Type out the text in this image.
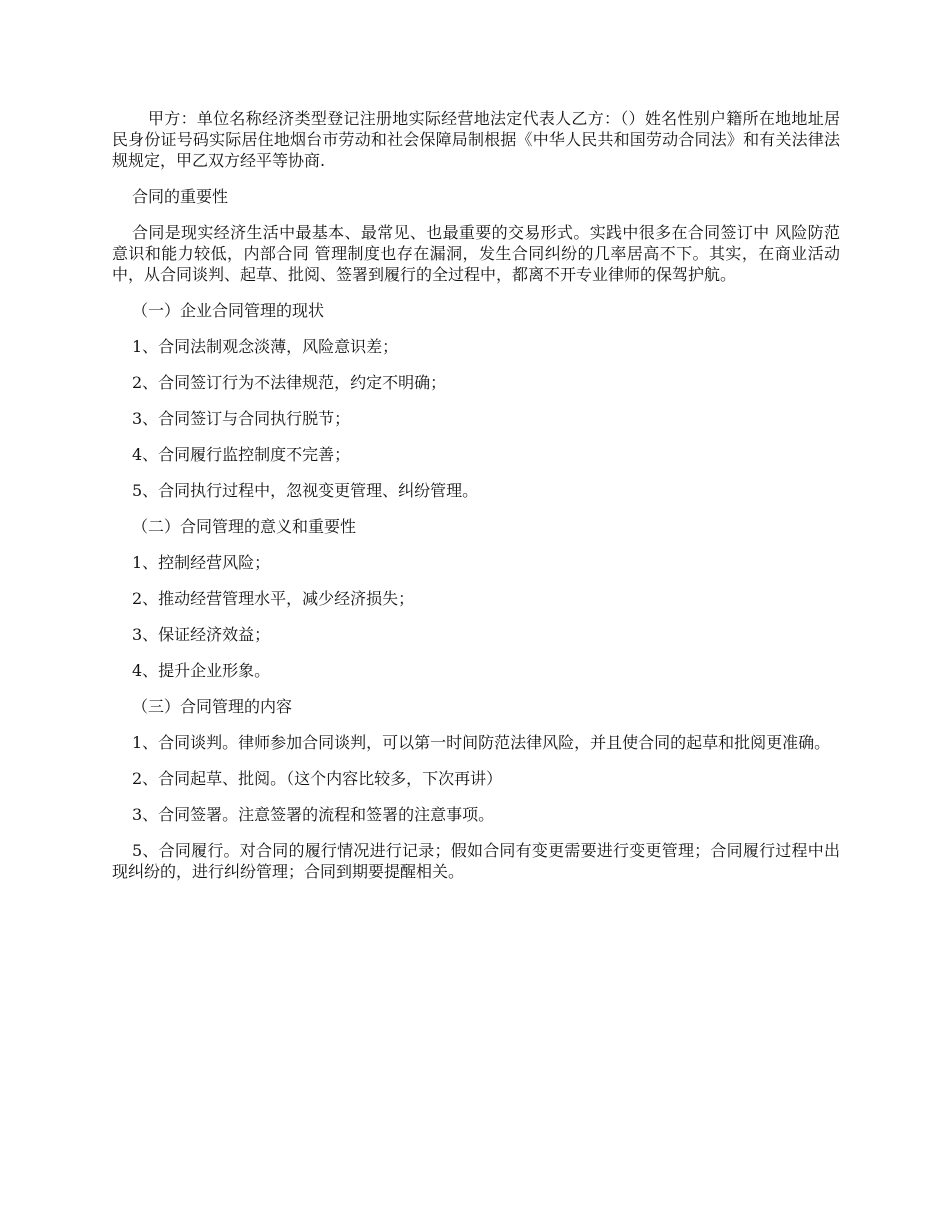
甲方：单位名称经济类型登记注册地实际经营地法定代表人乙方：（）姓名性别户籍所在地地址居民身份证号码实际居住地烟台市劳动和社会保障局制根据《中华人民共和国劳动合同法》和有关法律法规规定，甲乙双方经平等协商.

合同的重要性

合同是现实经济生活中最基本、最常见、也最重要的交易形式。实践中很多在合同签订中 风险防范意识和能力较低，内部合同 管理制度也存在漏洞，发生合同纠纷的几率居高不下。其实，在商业活动中，从合同谈判、起草、批阅、签署到履行的全过程中，都离不开专业律师的保驾护航。

（一）企业合同管理的现状

1、合同法制观念淡薄，风险意识差；

2、合同签订行为不法律规范，约定不明确；

3、合同签订与合同执行脱节；

4、合同履行监控制度不完善；

5、合同执行过程中，忽视变更管理、纠纷管理。

（二）合同管理的意义和重要性

1、控制经营风险；

2、推动经营管理水平，减少经济损失；

3、保证经济效益；

4、提升企业形象。

（三）合同管理的内容

1、合同谈判。律师参加合同谈判，可以第一时间防范法律风险，并且使合同的起草和批阅更准确。

2、合同起草、批阅。（这个内容比较多，下次再讲）

3、合同签署。注意签署的流程和签署的注意事项。

5、合同履行。对合同的履行情况进行记录；假如合同有变更需要进行变更管理；合同履行过程中出现纠纷的，进行纠纷管理；合同到期要提醒相关。
